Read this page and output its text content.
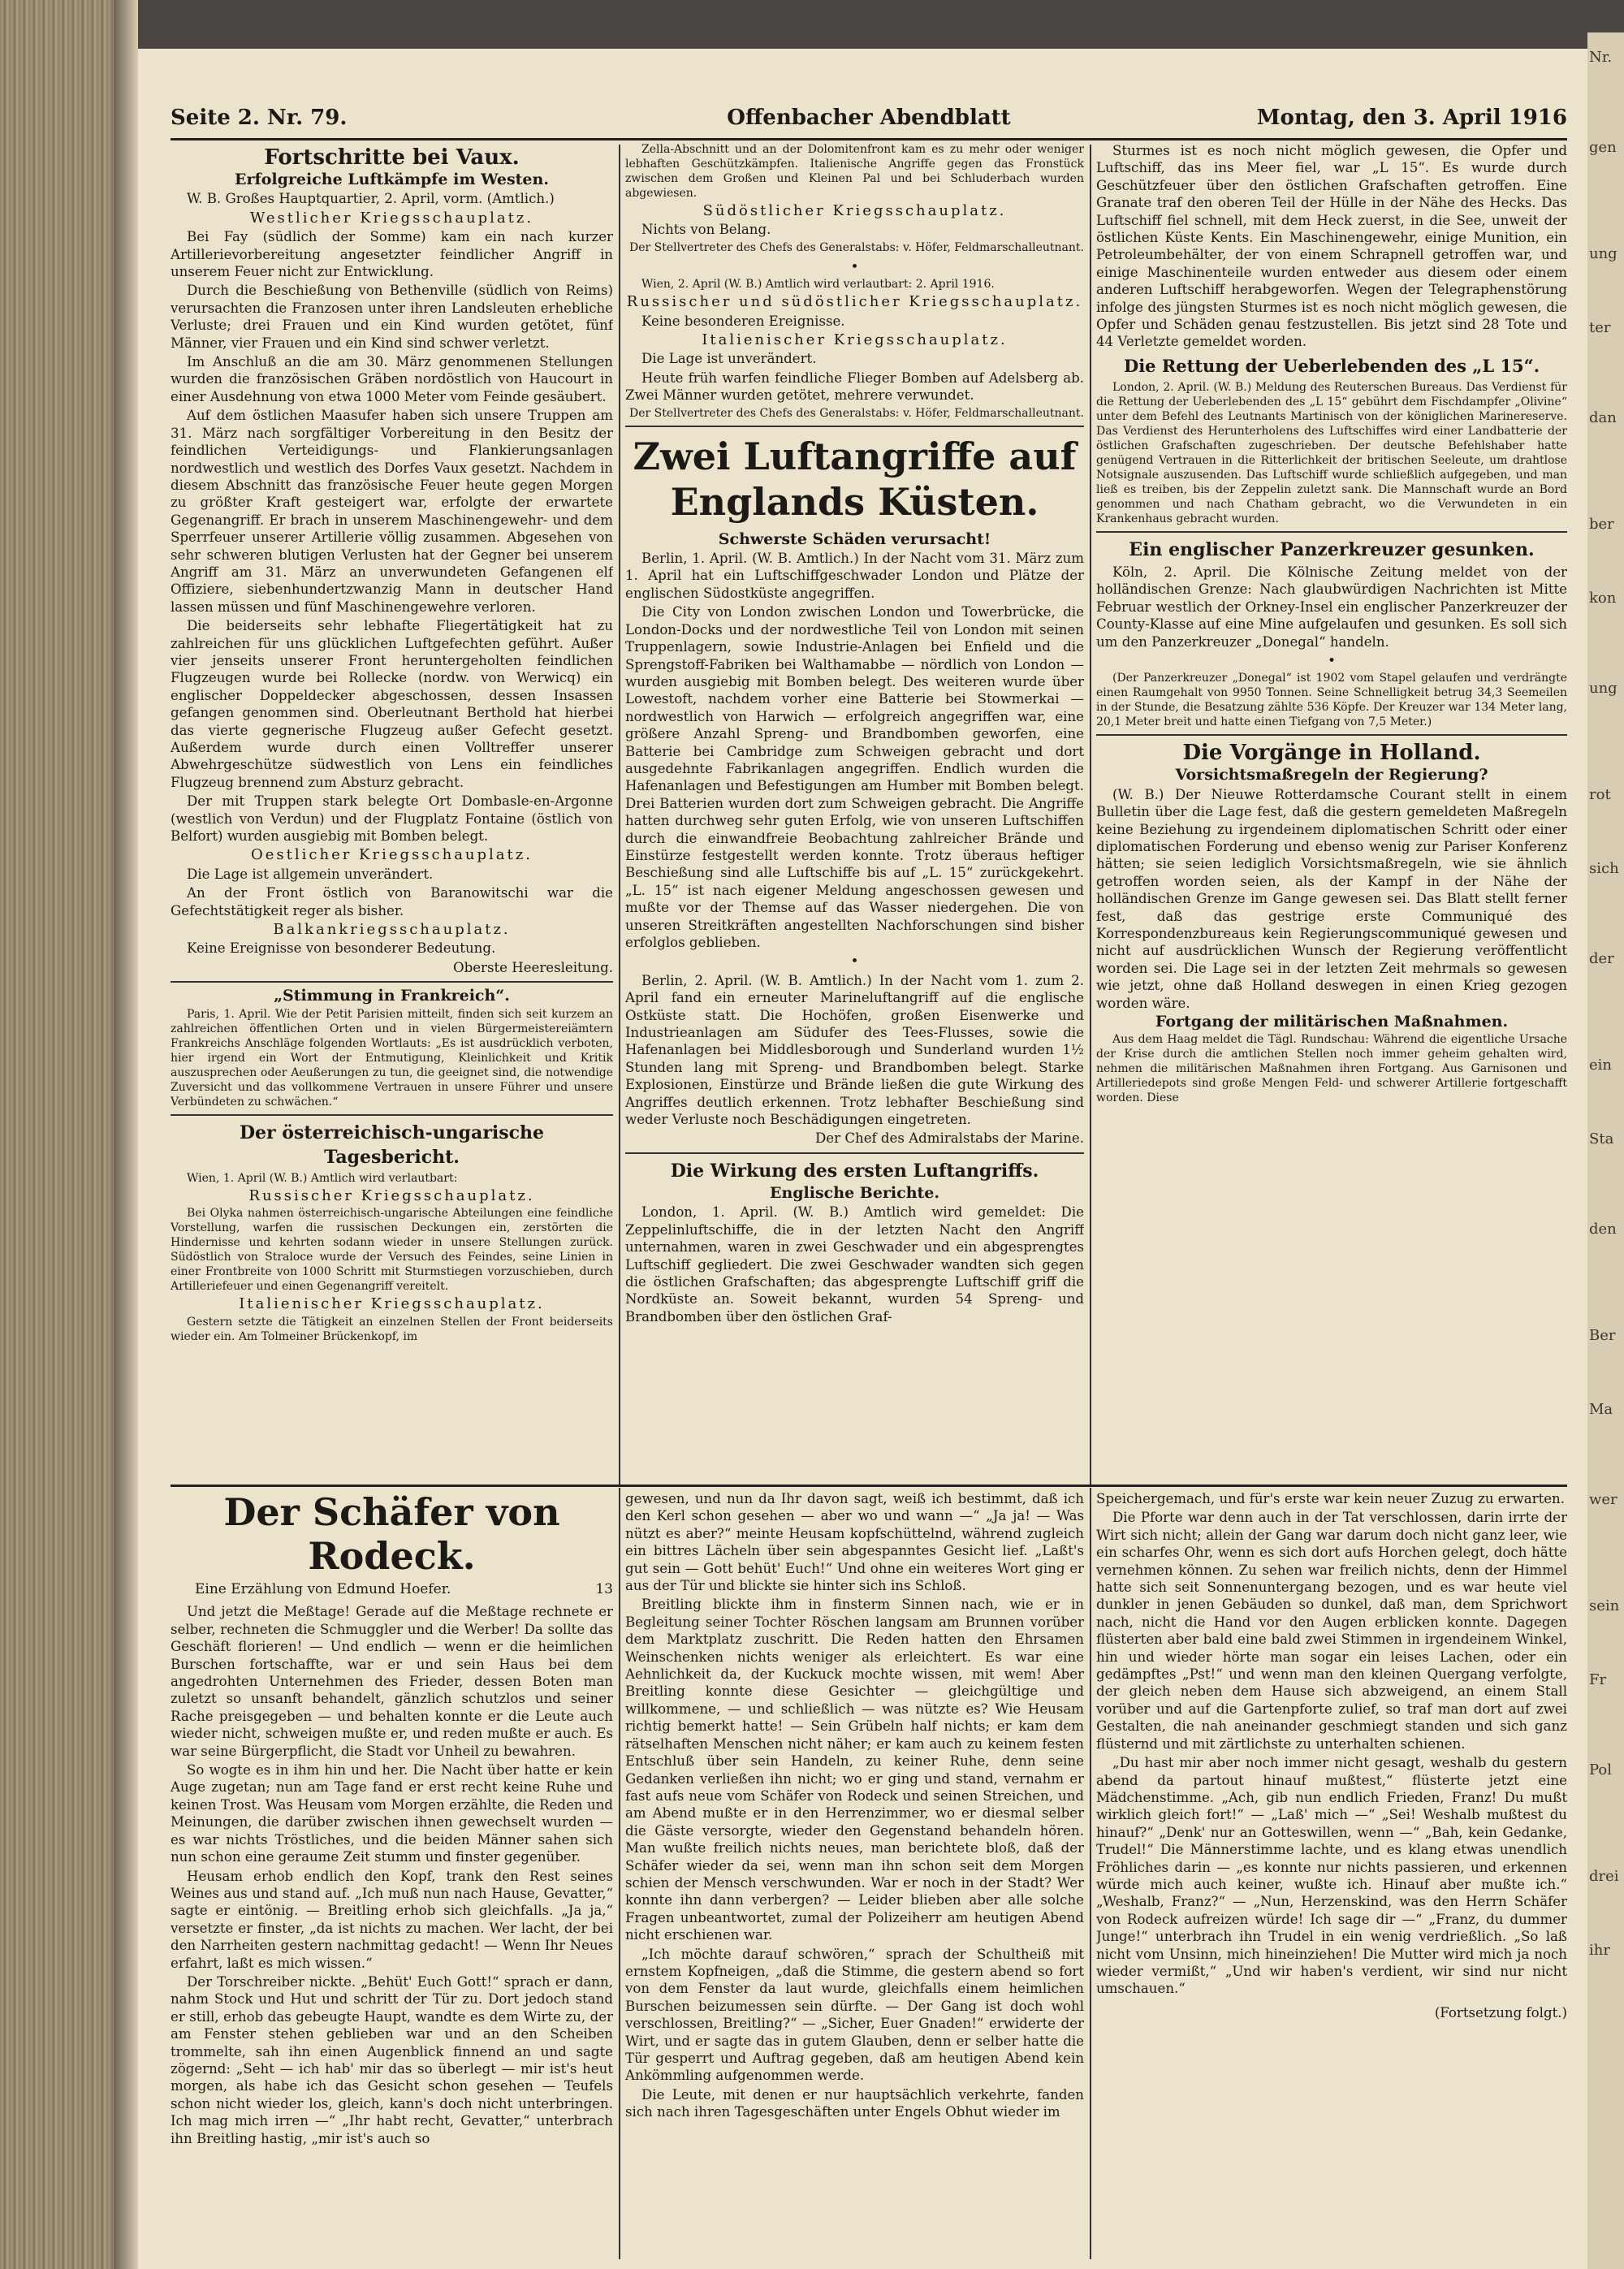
Nr.
gen
ung
ter
dan
ber
kon
ung
rot
sich
der
ein
Sta
den
Ber
Ma
wer
sein
Fr
Pol
drei
ihr
Seite 2. Nr. 79.	Offenbacher Abendblatt	Montag, den 3. April 1916
Fortschritte bei Vaux.
Erfolgreiche Luftkämpfe im Westen.

W. B. Großes Hauptquartier, 2. April, vorm. (Amtlich.)

Westlicher Kriegsschauplatz.

Bei Fay (südlich der Somme) kam ein nach kurzer Artillerievorbereitung angesetzter feindlicher Angriff in unserem Feuer nicht zur Entwicklung.

Durch die Beschießung von Bethenville (südlich von Reims) verursachten die Franzosen unter ihren Landsleuten erhebliche Verluste; drei Frauen und ein Kind wurden getötet, fünf Männer, vier Frauen und ein Kind sind schwer verletzt.

Im Anschluß an die am 30. März genommenen Stellungen wurden die französischen Gräben nordöstlich von Haucourt in einer Ausdehnung von etwa 1000 Meter vom Feinde gesäubert.

Auf dem östlichen Maasufer haben sich unsere Truppen am 31. März nach sorgfältiger Vorbereitung in den Besitz der feindlichen Verteidigungs- und Flankierungsanlagen nordwestlich und westlich des Dorfes Vaux gesetzt. Nachdem in diesem Abschnitt das französische Feuer heute gegen Morgen zu größter Kraft gesteigert war, erfolgte der erwartete Gegenangriff. Er brach in unserem Maschinengewehr- und dem Sperrfeuer unserer Artillerie völlig zusammen. Abgesehen von sehr schweren blutigen Verlusten hat der Gegner bei unserem Angriff am 31. März an unverwundeten Gefangenen elf Offiziere, siebenhundertzwanzig Mann in deutscher Hand lassen müssen und fünf Maschinengewehre verloren.

Die beiderseits sehr lebhafte Fliegertätigkeit hat zu zahlreichen für uns glücklichen Luftgefechten geführt. Außer vier jenseits unserer Front heruntergeholten feindlichen Flugzeugen wurde bei Rollecke (nordw. von Werwicq) ein englischer Doppeldecker abgeschossen, dessen Insassen gefangen genommen sind. Oberleutnant Berthold hat hierbei das vierte gegnerische Flugzeug außer Gefecht gesetzt. Außerdem wurde durch einen Volltreffer unserer Abwehrgeschütze südwestlich von Lens ein feindliches Flugzeug brennend zum Absturz gebracht.

Der mit Truppen stark belegte Ort Dombasle-en-Argonne (westlich von Verdun) und der Flugplatz Fontaine (östlich von Belfort) wurden ausgiebig mit Bomben belegt.

Oestlicher Kriegsschauplatz.

Die Lage ist allgemein unverändert.

An der Front östlich von Baranowitschi war die Gefechtstätigkeit reger als bisher.

Balkankriegsschauplatz.

Keine Ereignisse von besonderer Bedeutung.

Oberste Heeresleitung.
„Stimmung in Frankreich“.

Paris, 1. April. Wie der Petit Parisien mitteilt, finden sich seit kurzem an zahlreichen öffentlichen Orten und in vielen Bürgermeistereiämtern Frankreichs Anschläge folgenden Wortlauts: „Es ist ausdrücklich verboten, hier irgend ein Wort der Entmutigung, Kleinlichkeit und Kritik auszusprechen oder Aeußerungen zu tun, die geeignet sind, die notwendige Zuversicht und das vollkommene Vertrauen in unsere Führer und unsere Verbündeten zu schwächen.“

Der österreichisch-ungarische Tagesbericht.

Wien, 1. April (W. B.) Amtlich wird verlautbart:

Russischer Kriegsschauplatz.

Bei Olyka nahmen österreichisch-ungarische Abteilungen eine feindliche Vorstellung, warfen die russischen Deckungen ein, zerstörten die Hindernisse und kehrten sodann wieder in unsere Stellungen zurück. Südöstlich von Straloce wurde der Versuch des Feindes, seine Linien in einer Frontbreite von 1000 Schritt mit Sturmstiegen vorzuschieben, durch Artilleriefeuer und einen Gegenangriff vereitelt.

Italienischer Kriegsschauplatz.

Gestern setzte die Tätigkeit an einzelnen Stellen der Front beiderseits wieder ein. Am Tolmeiner Brückenkopf, im

Zella-Abschnitt und an der Dolomitenfront kam es zu mehr oder weniger lebhaften Geschützkämpfen. Italienische Angriffe gegen das Fronstück zwischen dem Großen und Kleinen Pal und bei Schluderbach wurden abgewiesen.

Südöstlicher Kriegsschauplatz.

Nichts von Belang.

Der Stellvertreter des Chefs des Generalstabs: v. Höfer, Feldmarschalleutnant.
•

Wien, 2. April (W. B.) Amtlich wird verlautbart: 2. April 1916.

Russischer und südöstlicher Kriegsschauplatz.

Keine besonderen Ereignisse.

Italienischer Kriegsschauplatz.

Die Lage ist unverändert.

Heute früh warfen feindliche Flieger Bomben auf Adelsberg ab. Zwei Männer wurden getötet, mehrere verwundet.

Der Stellvertreter des Chefs des Generalstabs: v. Höfer, Feldmarschalleutnant.
Zwei Luftangriffe auf Englands Küsten.
Schwerste Schäden verursacht!

Berlin, 1. April. (W. B. Amtlich.) In der Nacht vom 31. März zum 1. April hat ein Luftschiffgeschwader London und Plätze der englischen Südostküste angegriffen.

Die City von London zwischen London und Towerbrücke, die London-Docks und der nordwestliche Teil von London mit seinen Truppenlagern, sowie Industrie-Anlagen bei Enfield und die Sprengstoff-Fabriken bei Walthamabbe — nördlich von London — wurden ausgiebig mit Bomben belegt. Des weiteren wurde über Lowestoft, nachdem vorher eine Batterie bei Stowmerkai — nordwestlich von Harwich — erfolgreich angegriffen war, eine größere Anzahl Spreng- und Brandbomben geworfen, eine Batterie bei Cambridge zum Schweigen gebracht und dort ausgedehnte Fabrikanlagen angegriffen. Endlich wurden die Hafenanlagen und Befestigungen am Humber mit Bomben belegt. Drei Batterien wurden dort zum Schweigen gebracht. Die Angriffe hatten durchweg sehr guten Erfolg, wie von unseren Luftschiffen durch die einwandfreie Beobachtung zahlreicher Brände und Einstürze festgestellt werden konnte. Trotz überaus heftiger Beschießung sind alle Luftschiffe bis auf „L. 15“ zurückgekehrt. „L. 15“ ist nach eigener Meldung angeschossen gewesen und mußte vor der Themse auf das Wasser niedergehen. Die von unseren Streitkräften angestellten Nachforschungen sind bisher erfolglos geblieben.

•

Berlin, 2. April. (W. B. Amtlich.) In der Nacht vom 1. zum 2. April fand ein erneuter Marineluftangriff auf die englische Ostküste statt. Die Hochöfen, großen Eisenwerke und Industrieanlagen am Südufer des Tees-Flusses, sowie die Hafenanlagen bei Middlesborough und Sunderland wurden 1½ Stunden lang mit Spreng- und Brandbomben belegt. Starke Explosionen, Einstürze und Brände ließen die gute Wirkung des Angriffes deutlich erkennen. Trotz lebhafter Beschießung sind weder Verluste noch Beschädigungen eingetreten.

Der Chef des Admiralstabs der Marine.
Die Wirkung des ersten Luftangriffs.
Englische Berichte.

London, 1. April. (W. B.) Amtlich wird gemeldet: Die Zeppelinluftschiffe, die in der letzten Nacht den Angriff unternahmen, waren in zwei Geschwader und ein abgesprengtes Luftschiff gegliedert. Die zwei Geschwader wandten sich gegen die östlichen Grafschaften; das abgesprengte Luftschiff griff die Nordküste an. Soweit bekannt, wurden 54 Spreng- und Brandbomben über den östlichen Graf-

Sturmes ist es noch nicht möglich gewesen, die Opfer und Luftschiff, das ins Meer fiel, war „L 15“. Es wurde durch Geschützfeuer über den östlichen Grafschaften getroffen. Eine Granate traf den oberen Teil der Hülle in der Nähe des Hecks. Das Luftschiff fiel schnell, mit dem Heck zuerst, in die See, unweit der östlichen Küste Kents. Ein Maschinengewehr, einige Munition, ein Petroleumbehälter, der von einem Schrapnell getroffen war, und einige Maschinenteile wurden entweder aus diesem oder einem anderen Luftschiff herabgeworfen. Wegen der Telegraphenstörung infolge des jüngsten Sturmes ist es noch nicht möglich gewesen, die Opfer und Schäden genau festzustellen. Bis jetzt sind 28 Tote und 44 Verletzte gemeldet worden.

Die Rettung der Ueberlebenden des „L 15“.

London, 2. April. (W. B.) Meldung des Reuterschen Bureaus. Das Verdienst für die Rettung der Ueberlebenden des „L 15“ gebührt dem Fischdampfer „Olivine“ unter dem Befehl des Leutnants Martinisch von der königlichen Marinereserve. Das Verdienst des Herunterholens des Luftschiffes wird einer Landbatterie der östlichen Grafschaften zugeschrieben. Der deutsche Befehlshaber hatte genügend Vertrauen in die Ritterlichkeit der britischen Seeleute, um drahtlose Notsignale auszusenden. Das Luftschiff wurde schließlich aufgegeben, und man ließ es treiben, bis der Zeppelin zuletzt sank. Die Mannschaft wurde an Bord genommen und nach Chatham gebracht, wo die Verwundeten in ein Krankenhaus gebracht wurden.

Ein englischer Panzerkreuzer gesunken.

Köln, 2. April. Die Kölnische Zeitung meldet von der holländischen Grenze: Nach glaubwürdigen Nachrichten ist Mitte Februar westlich der Orkney-Insel ein englischer Panzerkreuzer der County-Klasse auf eine Mine aufgelaufen und gesunken. Es soll sich um den Panzerkreuzer „Donegal“ handeln.

•

(Der Panzerkreuzer „Donegal“ ist 1902 vom Stapel gelaufen und verdrängte einen Raumgehalt von 9950 Tonnen. Seine Schnelligkeit betrug 34,3 Seemeilen in der Stunde, die Besatzung zählte 536 Köpfe. Der Kreuzer war 134 Meter lang, 20,1 Meter breit und hatte einen Tiefgang von 7,5 Meter.)

Die Vorgänge in Holland.
Vorsichtsmaßregeln der Regierung?

(W. B.) Der Nieuwe Rotterdamsche Courant stellt in einem Bulletin über die Lage fest, daß die gestern gemeldeten Maßregeln keine Beziehung zu irgendeinem diplomatischen Schritt oder einer diplomatischen Forderung und ebenso wenig zur Pariser Konferenz hätten; sie seien lediglich Vorsichtsmaßregeln, wie sie ähnlich getroffen worden seien, als der Kampf in der Nähe der holländischen Grenze im Gange gewesen sei. Das Blatt stellt ferner fest, daß das gestrige erste Communiqué des Korrespondenzbureaus kein Regierungscommuniqué gewesen und nicht auf ausdrücklichen Wunsch der Regierung veröffentlicht worden sei. Die Lage sei in der letzten Zeit mehrmals so gewesen wie jetzt, ohne daß Holland deswegen in einen Krieg gezogen worden wäre.

Fortgang der militärischen Maßnahmen.

Aus dem Haag meldet die Tägl. Rundschau: Während die eigentliche Ursache der Krise durch die amtlichen Stellen noch immer geheim gehalten wird, nehmen die militärischen Maßnahmen ihren Fortgang. Aus Garnisonen und Artilleriedepots sind große Mengen Feld- und schwerer Artillerie fortgeschafft worden. Diese

Der Schäfer von Rodeck.
13
Eine Erzählung von Edmund Hoefer.

Und jetzt die Meßtage! Gerade auf die Meßtage rechnete er selber, rechneten die Schmuggler und die Werber! Da sollte das Geschäft florieren! — Und endlich — wenn er die heimlichen Burschen fortschaffte, war er und sein Haus bei dem angedrohten Unternehmen des Frieder, dessen Boten man zuletzt so unsanft behandelt, gänzlich schutzlos und seiner Rache preisgegeben — und behalten konnte er die Leute auch wieder nicht, schweigen mußte er, und reden mußte er auch. Es war seine Bürgerpflicht, die Stadt vor Unheil zu bewahren.

So wogte es in ihm hin und her. Die Nacht über hatte er kein Auge zugetan; nun am Tage fand er erst recht keine Ruhe und keinen Trost. Was Heusam vom Morgen erzählte, die Reden und Meinungen, die darüber zwischen ihnen gewechselt wurden — es war nichts Tröstliches, und die beiden Männer sahen sich nun schon eine geraume Zeit stumm und finster gegenüber.

Heusam erhob endlich den Kopf, trank den Rest seines Weines aus und stand auf. „Ich muß nun nach Hause, Gevatter,“ sagte er eintönig. — Breitling erhob sich gleichfalls. „Ja ja,“ versetzte er finster, „da ist nichts zu machen. Wer lacht, der bei den Narrheiten gestern nachmittag gedacht! — Wenn Ihr Neues erfahrt, laßt es mich wissen.“

Der Torschreiber nickte. „Behüt' Euch Gott!“ sprach er dann, nahm Stock und Hut und schritt der Tür zu. Dort jedoch stand er still, erhob das gebeugte Haupt, wandte es dem Wirte zu, der am Fenster stehen geblieben war und an den Scheiben trommelte, sah ihn einen Augenblick finnend an und sagte zögernd: „Seht — ich hab' mir das so überlegt — mir ist's heut morgen, als habe ich das Gesicht schon gesehen — Teufels schon nicht wieder los, gleich, kann's doch nicht unterbringen. Ich mag mich irren —“ „Ihr habt recht, Gevatter,“ unterbrach ihn Breitling hastig, „mir ist's auch so

gewesen, und nun da Ihr davon sagt, weiß ich bestimmt, daß ich den Kerl schon gesehen — aber wo und wann —“ „Ja ja! — Was nützt es aber?“ meinte Heusam kopfschüttelnd, während zugleich ein bittres Lächeln über sein abgespanntes Gesicht lief. „Laßt's gut sein — Gott behüt' Euch!“ Und ohne ein weiteres Wort ging er aus der Tür und blickte sie hinter sich ins Schloß.

Breitling blickte ihm in finsterm Sinnen nach, wie er in Begleitung seiner Tochter Röschen langsam am Brunnen vorüber dem Marktplatz zuschritt. Die Reden hatten den Ehrsamen Weinschenken nichts weniger als erleichtert. Es war eine Aehnlichkeit da, der Kuckuck mochte wissen, mit wem! Aber Breitling konnte diese Gesichter — gleichgültige und willkommene, — und schließlich — was nützte es? Wie Heusam richtig bemerkt hatte! — Sein Grübeln half nichts; er kam dem rätselhaften Menschen nicht näher; er kam auch zu keinem festen Entschluß über sein Handeln, zu keiner Ruhe, denn seine Gedanken verließen ihn nicht; wo er ging und stand, vernahm er fast aufs neue vom Schäfer von Rodeck und seinen Streichen, und am Abend mußte er in den Herrenzimmer, wo er diesmal selber die Gäste versorgte, wieder den Gegenstand behandeln hören. Man wußte freilich nichts neues, man berichtete bloß, daß der Schäfer wieder da sei, wenn man ihn schon seit dem Morgen schien der Mensch verschwunden. War er noch in der Stadt? Wer konnte ihn dann verbergen? — Leider blieben aber alle solche Fragen unbeantwortet, zumal der Polizeiherr am heutigen Abend nicht erschienen war.

„Ich möchte darauf schwören,“ sprach der Schultheiß mit ernstem Kopfneigen, „daß die Stimme, die gestern abend so fort von dem Fenster da laut wurde, gleichfalls einem heimlichen Burschen beizumessen sein dürfte. — Der Gang ist doch wohl verschlossen, Breitling?“ — „Sicher, Euer Gnaden!“ erwiderte der Wirt, und er sagte das in gutem Glauben, denn er selber hatte die Tür gesperrt und Auftrag gegeben, daß am heutigen Abend kein Ankömmling aufgenommen werde.

Die Leute, mit denen er nur hauptsächlich verkehrte, fanden sich nach ihren Tagesgeschäften unter Engels Obhut wieder im

Speichergemach, und für's erste war kein neuer Zuzug zu erwarten.

Die Pforte war denn auch in der Tat verschlossen, darin irrte der Wirt sich nicht; allein der Gang war darum doch nicht ganz leer, wie ein scharfes Ohr, wenn es sich dort aufs Horchen gelegt, doch hätte vernehmen können. Zu sehen war freilich nichts, denn der Himmel hatte sich seit Sonnenuntergang bezogen, und es war heute viel dunkler in jenen Gebäuden so dunkel, daß man, dem Sprichwort nach, nicht die Hand vor den Augen erblicken konnte. Dagegen flüsterten aber bald eine bald zwei Stimmen in irgendeinem Winkel, hin und wieder hörte man sogar ein leises Lachen, oder ein gedämpftes „Pst!“ und wenn man den kleinen Quergang verfolgte, der gleich neben dem Hause sich abzweigend, an einem Stall vorüber und auf die Gartenpforte zulief, so traf man dort auf zwei Gestalten, die nah aneinander geschmiegt standen und sich ganz flüsternd und mit zärtlichste zu unterhalten schienen.

„Du hast mir aber noch immer nicht gesagt, weshalb du gestern abend da partout hinauf mußtest,“ flüsterte jetzt eine Mädchenstimme. „Ach, gib nun endlich Frieden, Franz! Du mußt wirklich gleich fort!“ — „Laß' mich —“ „Sei! Weshalb mußtest du hinauf?“ „Denk' nur an Gotteswillen, wenn —“ „Bah, kein Gedanke, Trudel!“ Die Männerstimme lachte, und es klang etwas unendlich Fröhliches darin — „es konnte nur nichts passieren, und erkennen würde mich auch keiner, wußte ich. Hinauf aber mußte ich.“ „Weshalb, Franz?“ — „Nun, Herzenskind, was den Herrn Schäfer von Rodeck aufreizen würde! Ich sage dir —“ „Franz, du dummer Junge!“ unterbrach ihn Trudel in ein wenig verdrießlich. „So laß nicht vom Unsinn, mich hineinziehen! Die Mutter wird mich ja noch wieder vermißt,“ „Und wir haben's verdient, wir sind nur nicht umschauen.“

(Fortsetzung folgt.)
